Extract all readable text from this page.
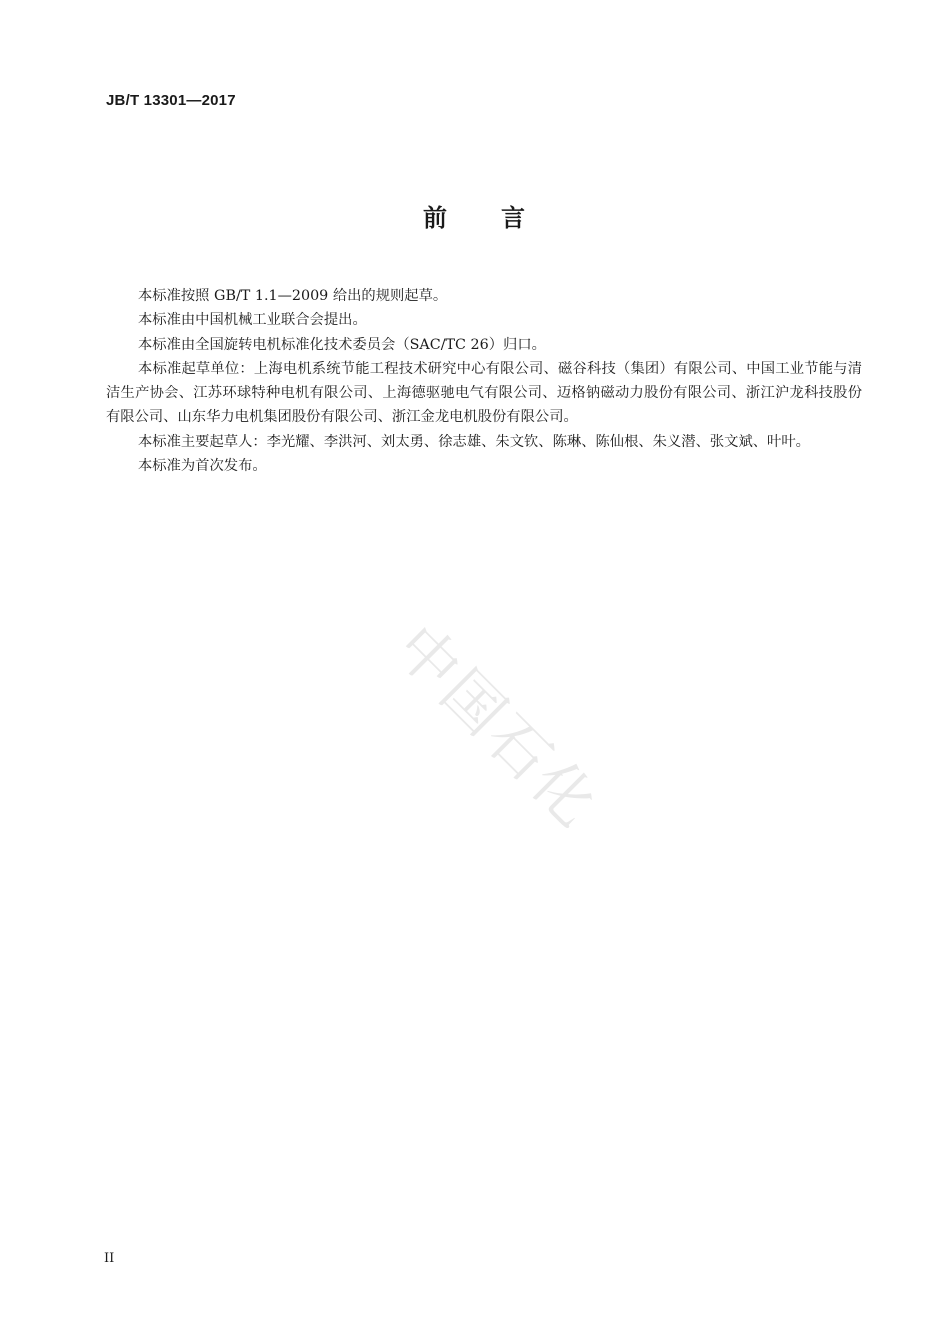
JB/T 13301—2017
前 言

本标准按照 GB/T 1.1—2009 给出的规则起草。

本标准由中国机械工业联合会提出。

本标准由全国旋转电机标准化技术委员会（SAC/TC 26）归口。

本标准起草单位：上海电机系统节能工程技术研究中心有限公司、磁谷科技（集团）有限公司、中国工业节能与清洁生产协会、江苏环球特种电机有限公司、上海德驱驰电气有限公司、迈格钠磁动力股份有限公司、浙江沪龙科技股份有限公司、山东华力电机集团股份有限公司、浙江金龙电机股份有限公司。

本标准主要起草人：李光耀、李洪河、刘太勇、徐志雄、朱文钦、陈琳、陈仙根、朱义潜、张文斌、叶叶。

本标准为首次发布。

中国石化
II
